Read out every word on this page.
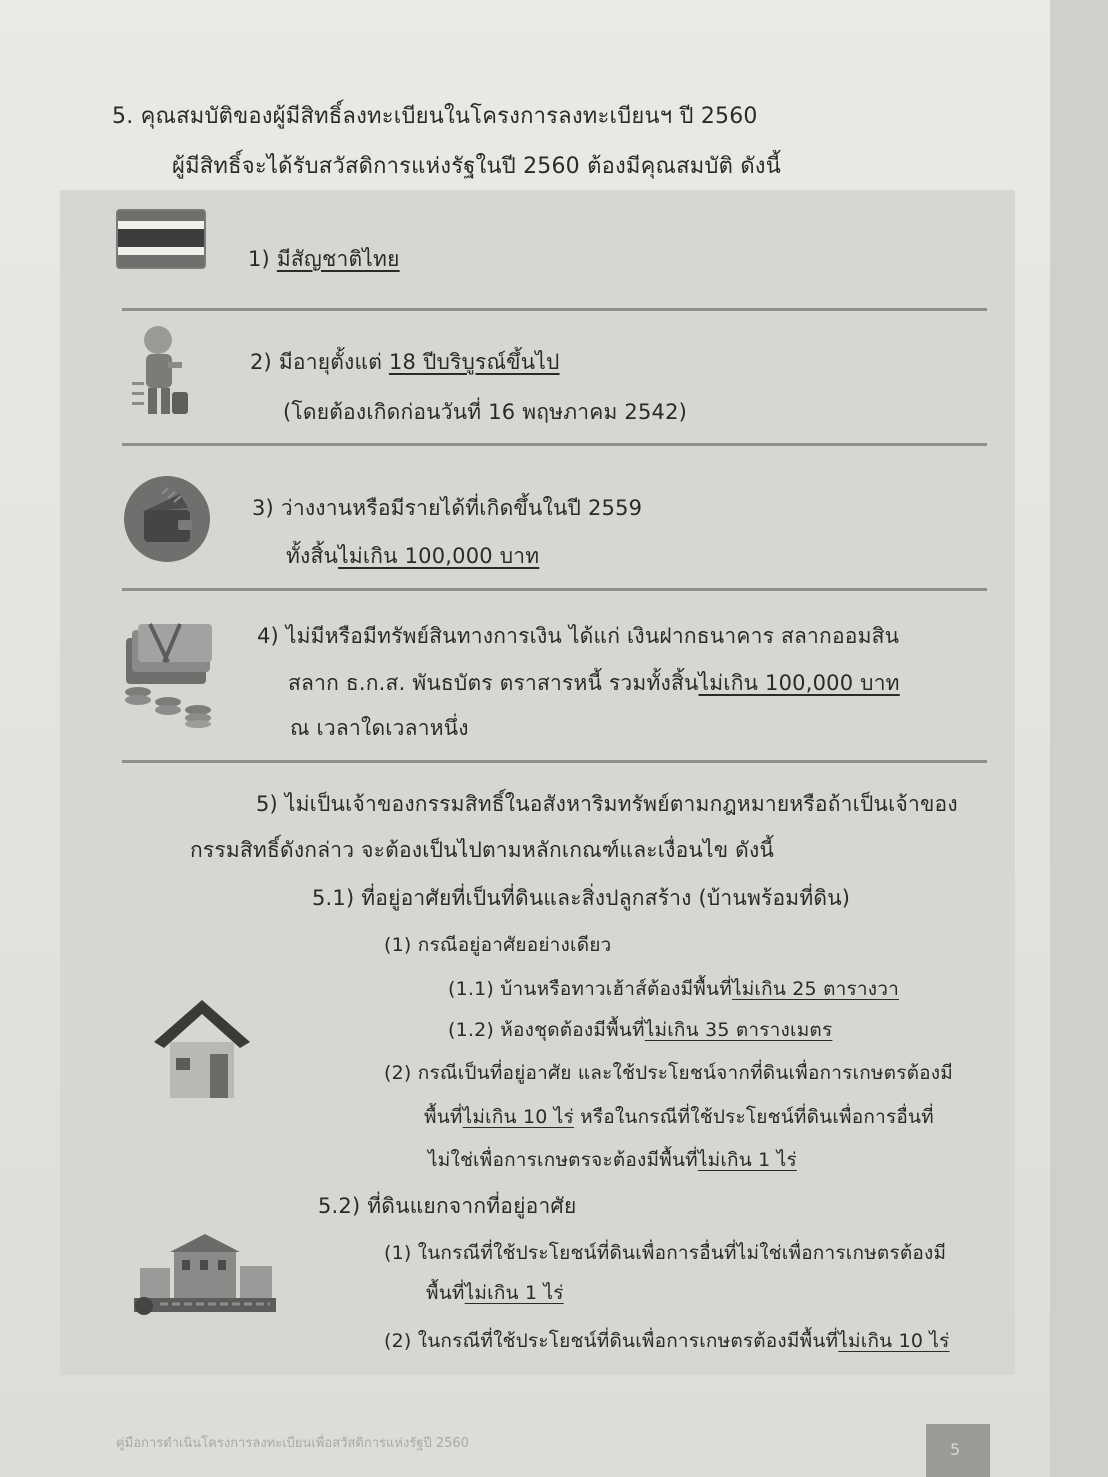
5. คุณสมบัติของผู้มีสิทธิ์ลงทะเบียนในโครงการลงทะเบียนฯ ปี 2560
ผู้มีสิทธิ์จะได้รับสวัสดิการแห่งรัฐในปี 2560 ต้องมีคุณสมบัติ ดังนี้
1) มีสัญชาติไทย
2) มีอายุตั้งแต่ 18 ปีบริบูรณ์ขึ้นไป
(โดยต้องเกิดก่อนวันที่ 16 พฤษภาคม 2542)
3) ว่างงานหรือมีรายได้ที่เกิดขึ้นในปี 2559
ทั้งสิ้นไม่เกิน 100,000 บาท
4) ไม่มีหรือมีทรัพย์สินทางการเงิน ได้แก่ เงินฝากธนาคาร สลากออมสิน
สลาก ธ.ก.ส. พันธบัตร ตราสารหนี้ รวมทั้งสิ้นไม่เกิน 100,000 บาท
ณ เวลาใดเวลาหนึ่ง
5) ไม่เป็นเจ้าของกรรมสิทธิ์ในอสังหาริมทรัพย์ตามกฎหมายหรือถ้าเป็นเจ้าของ
กรรมสิทธิ์ดังกล่าว จะต้องเป็นไปตามหลักเกณฑ์และเงื่อนไข ดังนี้
5.1) ที่อยู่อาศัยที่เป็นที่ดินและสิ่งปลูกสร้าง (บ้านพร้อมที่ดิน)
(1) กรณีอยู่อาศัยอย่างเดียว
(1.1) บ้านหรือทาวเฮ้าส์ต้องมีพื้นที่ไม่เกิน 25 ตารางวา
(1.2) ห้องชุดต้องมีพื้นที่ไม่เกิน 35 ตารางเมตร
(2) กรณีเป็นที่อยู่อาศัย และใช้ประโยชน์จากที่ดินเพื่อการเกษตรต้องมี
พื้นที่ไม่เกิน 10 ไร่ หรือในกรณีที่ใช้ประโยชน์ที่ดินเพื่อการอื่นที่
ไม่ใช่เพื่อการเกษตรจะต้องมีพื้นที่ไม่เกิน 1 ไร่
5.2) ที่ดินแยกจากที่อยู่อาศัย
(1) ในกรณีที่ใช้ประโยชน์ที่ดินเพื่อการอื่นที่ไม่ใช่เพื่อการเกษตรต้องมี
พื้นที่ไม่เกิน 1 ไร่
(2) ในกรณีที่ใช้ประโยชน์ที่ดินเพื่อการเกษตรต้องมีพื้นที่ไม่เกิน 10 ไร่
คู่มือการดำเนินโครงการลงทะเบียนเพื่อสวัสดิการแห่งรัฐปี 2560	5
